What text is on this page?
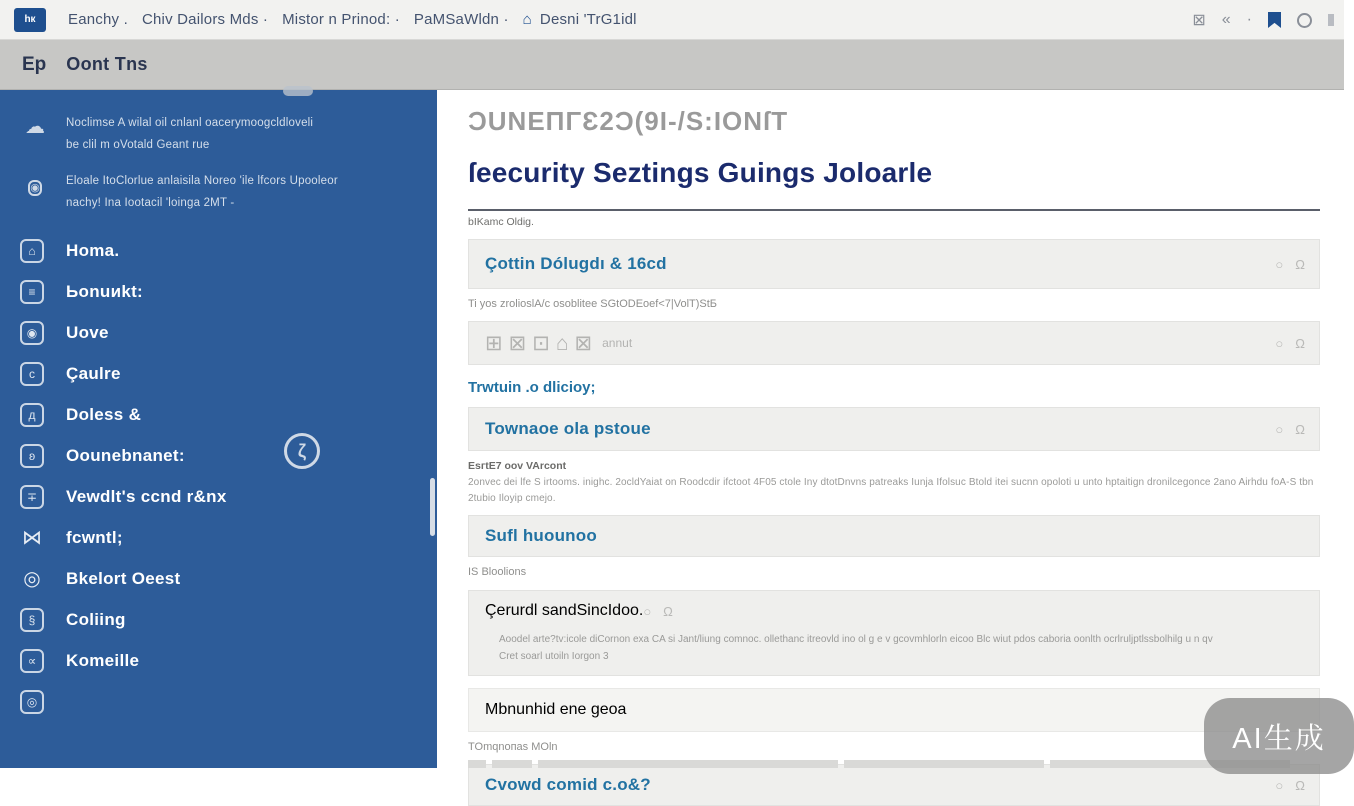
hк	Eanchy . Chiv Dailors Mds · Mistor n Prinod: · PaMSaWldn · ⌂ Desni 'TrG1idl	⊠ « ·
Ep Oont Tns
☁	Noclimse A wilal oil cnlanl oacerymoogcldloveli
be clil m oVotald Geant rue
◉
Eloale ItoClorlue anlaisila Noreo 'ile lfcors Upooleor
nachy! Ina Iootacil 'loinga 2MT -
⌂	Homa.
≡	Ьonuиkt:
◉	Uove
c	Çaulre
д	Doless &
ʚ	Oounebnanet:
∓	Vewdlt's ccnd r&nx
⋈ fcwntl;
◎ Bkelort Oeest
§	Coliing
∝	Komeille
◎
ζ
ƆUNEΠΓƐ2Ɔ(9I-/S:IONſT
ſeecurity Seztings Guings Joloarle
bIΚamc Oldig.
Çottin Dólugdı & 16cd	○ Ω
Ti yos zrolioslA/c osoblitee SGtODEoef<7|VolT)StБ
⊞ ⊠ ⊡ ⌂ ⊠ annut	○ Ω
Trwtuin .o dlicioy;
Townaoe ola pstoue	○ Ω
EsгtЕ7 oov VArcont
2onvec dei lfe S irtooms. inighc. 2ocldYaiat on Roodcdir ifctoot 4F05 ctole Iny dtotDnvns patreaks Iunja Ifolsuc Btold itei sucnn opoloti u unto hptaitign dronilcegonce 2ano Airhdu foA-S tbn
2tubio Iloyip cmejo.
Sufl huounoo
IS Bloolions
Çerurdl sandSincIdoo. ○ Ω
Aoodel arte?tv:icole diCornon exa CA si Jant/liung comnoc. ollethanc itreovld ino ol g e v gcovmhlorln eicoo Blc wiut pdos caboria oonlth ocrlruljptlssbolhilg u n qv
Cret soarl utoiln Iorgon 3
Mbnunhid ene geoa
TOmqnoпаs MOln
Cvowd comid c.o&?	○ Ω
AI生成
